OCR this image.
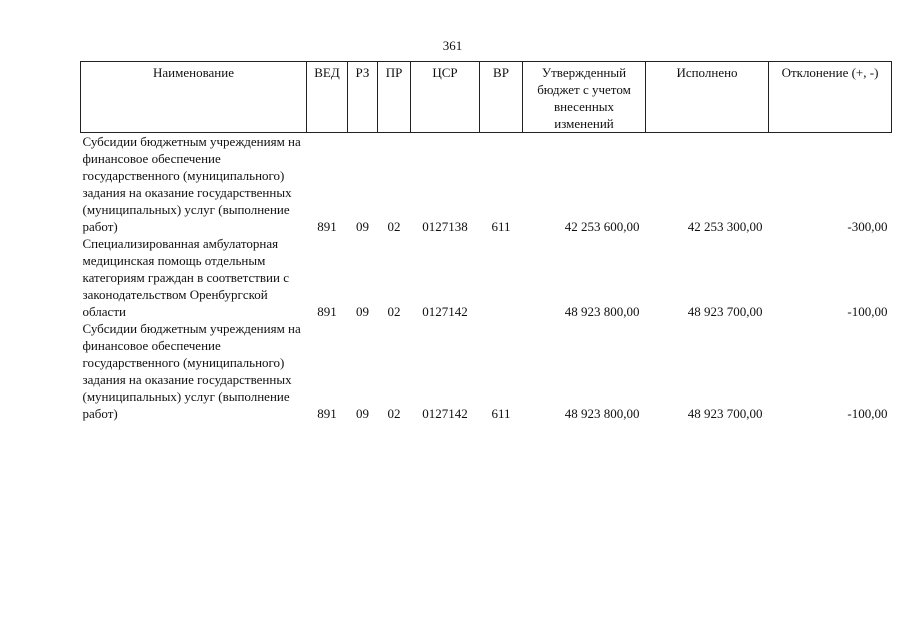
361
Наименование	ВЕД	РЗ	ПР	ЦСР	ВР	Утвержденный бюджет с учетом внесенных изменений	Исполнено	Отклонение (+, -)
Субсидии бюджетным учреждениям на финансовое обеспечение государственного (муниципального) задания на оказание государственных (муниципальных) услуг (выполнение работ)	891	09	02	0127138	611	42 253 600,00	42 253 300,00	-300,00
Специализированная амбулаторная медицинская помощь отдельным категориям граждан в соответствии с законодательством Оренбургской области	891	09	02	0127142		48 923 800,00	48 923 700,00	-100,00
Субсидии бюджетным учреждениям на финансовое обеспечение государственного (муниципального) задания на оказание государственных (муниципальных) услуг (выполнение работ)	891	09	02	0127142	611	48 923 800,00	48 923 700,00	-100,00
